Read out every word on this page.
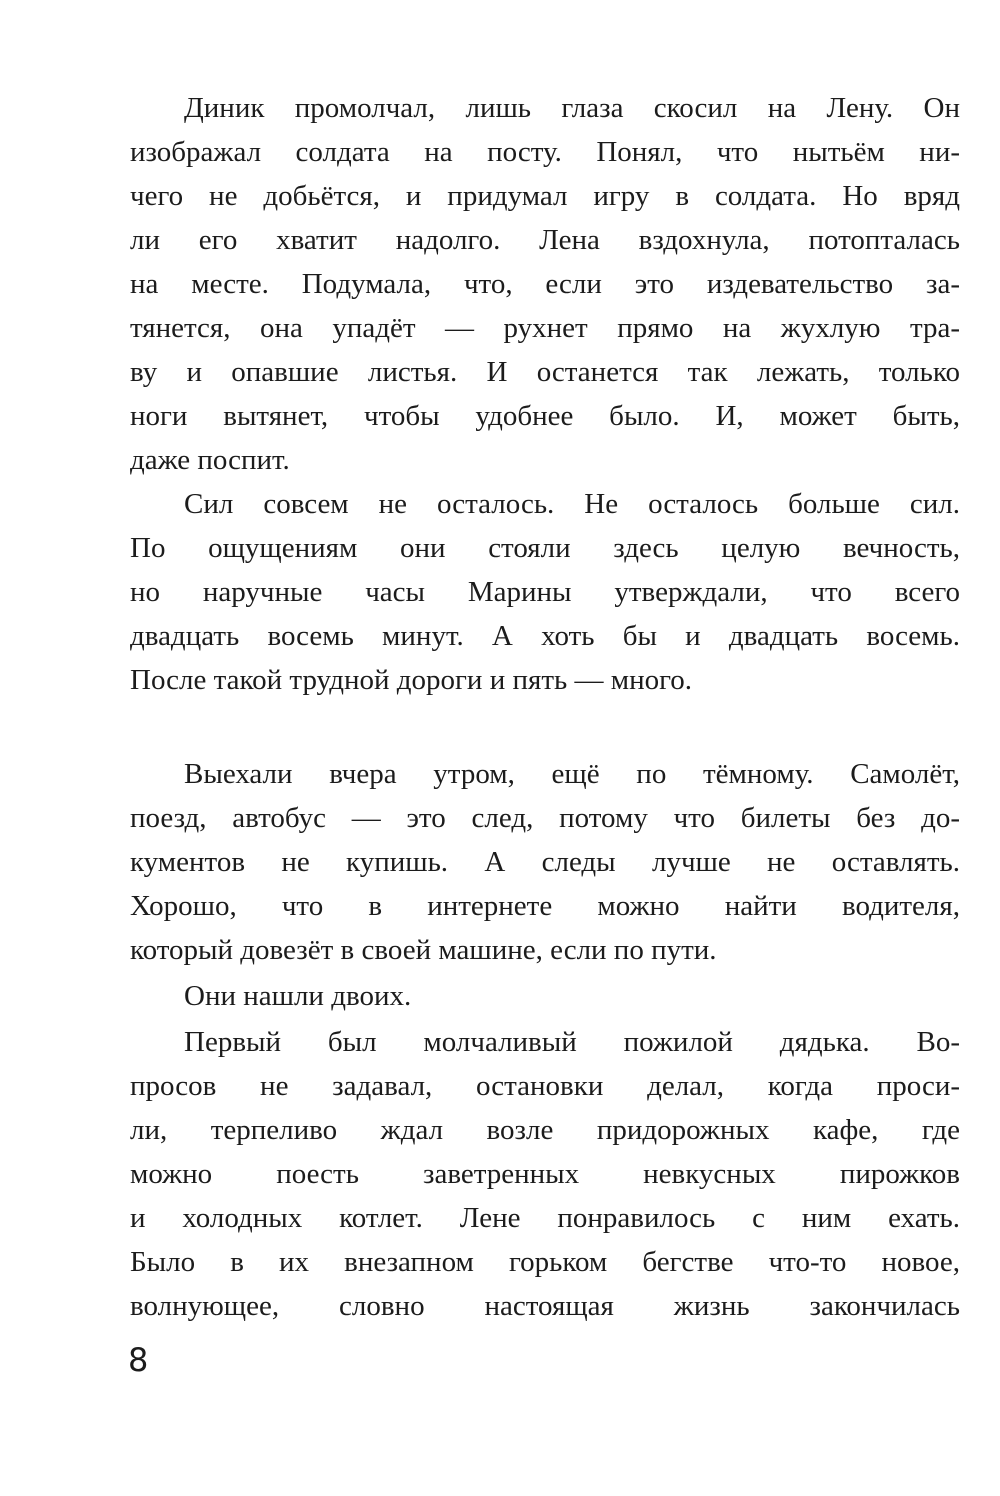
Диник промолчал, лишь глаза скосил на Лену. Он
изображал солдата на посту. Понял, что нытьём ни-
чего не добьётся, и придумал игру в солдата. Но вряд
ли его хватит надолго. Лена вздохнула, потопталась
на месте. Подумала, что, если это издевательство за-
тянется, она упадёт — рухнет прямо на жухлую тра-
ву и опавшие листья. И останется так лежать, только
ноги вытянет, чтобы удобнее было. И, может быть,
даже поспит.
Сил совсем не осталось. Не осталось больше сил.
По ощущениям они стояли здесь целую вечность,
но наручные часы Марины утверждали, что всего
двадцать восемь минут. А хоть бы и двадцать восемь.
После такой трудной дороги и пять — много.
Выехали вчера утром, ещё по тёмному. Самолёт,
поезд, автобус — это след, потому что билеты без до-
кументов не купишь. А следы лучше не оставлять.
Хорошо, что в интернете можно найти водителя,
который довезёт в своей машине, если по пути.
Они нашли двоих.
Первый был молчаливый пожилой дядька. Во-
просов не задавал, остановки делал, когда проси-
ли, терпеливо ждал возле придорожных кафе, где
можно поесть заветренных невкусных пирожков
и холодных котлет. Лене понравилось с ним ехать.
Было в их внезапном горьком бегстве что-то новое,
волнующее, словно настоящая жизнь закончилась
8
